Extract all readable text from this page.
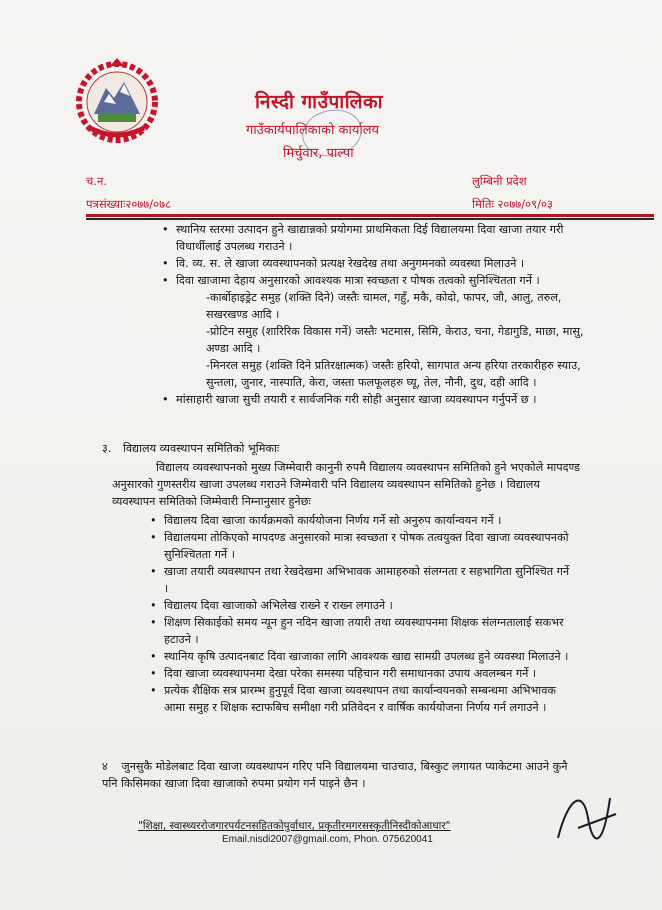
निस्दी गाउँपालिका
गाउँकार्यपालिकाको कार्यालय
मिर्चुवार, पाल्पा
च.न.
पत्रसंख्याः२०७७/०७८
लुम्बिनी प्रदेश
मितिः २०७७/०९/०३
• स्थानिय स्तरमा उत्पादन हुने खाद्यान्नको प्रयोगमा प्राथमिकता दिई विद्यालयमा दिवा खाजा तयार गरी विधार्थीलाई उपलब्ध गराउने ।
• वि. व्य. स. ले खाजा व्यवस्थापनको प्रत्यक्ष रेखदेख तथा अनुगमनको व्यवस्था मिलाउने ।
• दिवा खाजामा देहाय अनुसारको आवश्यक मात्रा स्वच्छता र पोषक तत्वको सुनिश्चितता गर्ने ।
-कार्बोहाइड्रेट समुह (शक्ति दिने) जस्तैः चामल, गहुँ, मकै, कोदो, फापर, जौ, आलु, तरुल, सखरखण्ड आदि ।
-प्रोटिन समुह (शारिरिक विकास गर्ने) जस्तैः भटमास, सिमि, केराउ, चना, गेडागुडि, माछा, मासु, अण्डा आदि ।
-मिनरल समुह (शक्ति दिने प्रतिरक्षात्मक) जस्तैः हरियो, सागपात अन्य हरिया तरकारीहरु स्याउ, सुन्तला, जुनार, नास्पाति, केरा, जस्ता फलफूलहरु घ्यू, तेल, नौनी, दुध, दही आदि ।
• मांसाहारी खाजा सुची तयारी र सार्वजनिक गरी सोही अनुसार खाजा व्यवस्थापन गर्नुपर्ने छ ।
३. विद्यालय व्यवस्थापन समितिको भूमिकाः
विद्यालय व्यवस्थापनको मुख्य जिम्मेवारी कानुनी रुपमै विद्यालय व्यवस्थापन समितिको हुने भएकोले मापदण्ड अनुसारको गुणस्तरीय खाजा उपलब्ध गराउने जिम्मेवारी पनि विद्यालय व्यवस्थापन समितिको हुनेछ । विद्यालय व्यवस्थापन समितिको जिम्मेवारी निम्नानुसार हुनेछः
• विद्यालय दिवा खाजा कार्यक्रमको कार्ययोजना निर्णय गर्ने सो अनुरुप कार्यान्वयन गर्ने ।
• विद्यालयमा तोकिएको मापदण्ड अनुसारको मात्रा स्वच्छता र पोषक तत्वयुक्त दिवा खाजा व्यवस्थापनको सुनिश्चितता गर्ने ।
• खाजा तयारी व्यवस्थापन तथा रेखदेखमा अभिभावक आमाहरुको संलग्नता र सहभागिता सुनिश्चित गर्ने ।
• विद्यालय दिवा खाजाको अभिलेख राख्ने र राख्न लगाउने ।
• शिक्षण सिकाईको समय न्यून हुन नदिन खाजा तयारी तथा व्यवस्थापनमा शिक्षक संलग्नतालाई सकभर हटाउने ।
• स्थानिय कृषि उत्पादनबाट दिवा खाजाका लागि आवश्यक खाद्य सामग्री उपलब्ध हुने व्यवस्था मिलाउने ।
• दिवा खाजा व्यवस्थापनमा देखा परेका समस्या पहिचान गरी समाधानका उपाय अवलम्बन गर्ने ।
• प्रत्येक शैक्षिक सत्र प्रारम्भ हुनुपूर्व दिवा खाजा व्यवस्थापन तथा कार्यान्वयनको सम्बन्धमा अभिभावक आमा समुह र शिक्षक स्टाफबिच समीक्षा गरी प्रतिवेदन र वार्षिक कार्ययोजना निर्णय गर्न लगाउने ।
४ जुनसुकै मोडेलबाट दिवा खाजा व्यवस्थापन गरिए पनि विद्यालयमा चाउचाउ, बिस्कुट लगायत प्याकेटमा आउने कुनै पनि किसिमका खाजा दिवा खाजाको रुपमा प्रयोग गर्न पाइने छैन ।
"शिक्षा, स्वास्थ्यररोजगारपर्यटनसहितकोपुर्वाधार, प्रकृतीरमगरसस्कृतीनिस्दीकोआधार"
Email.nisdi2007@gmail.com, Phon. 075620041
